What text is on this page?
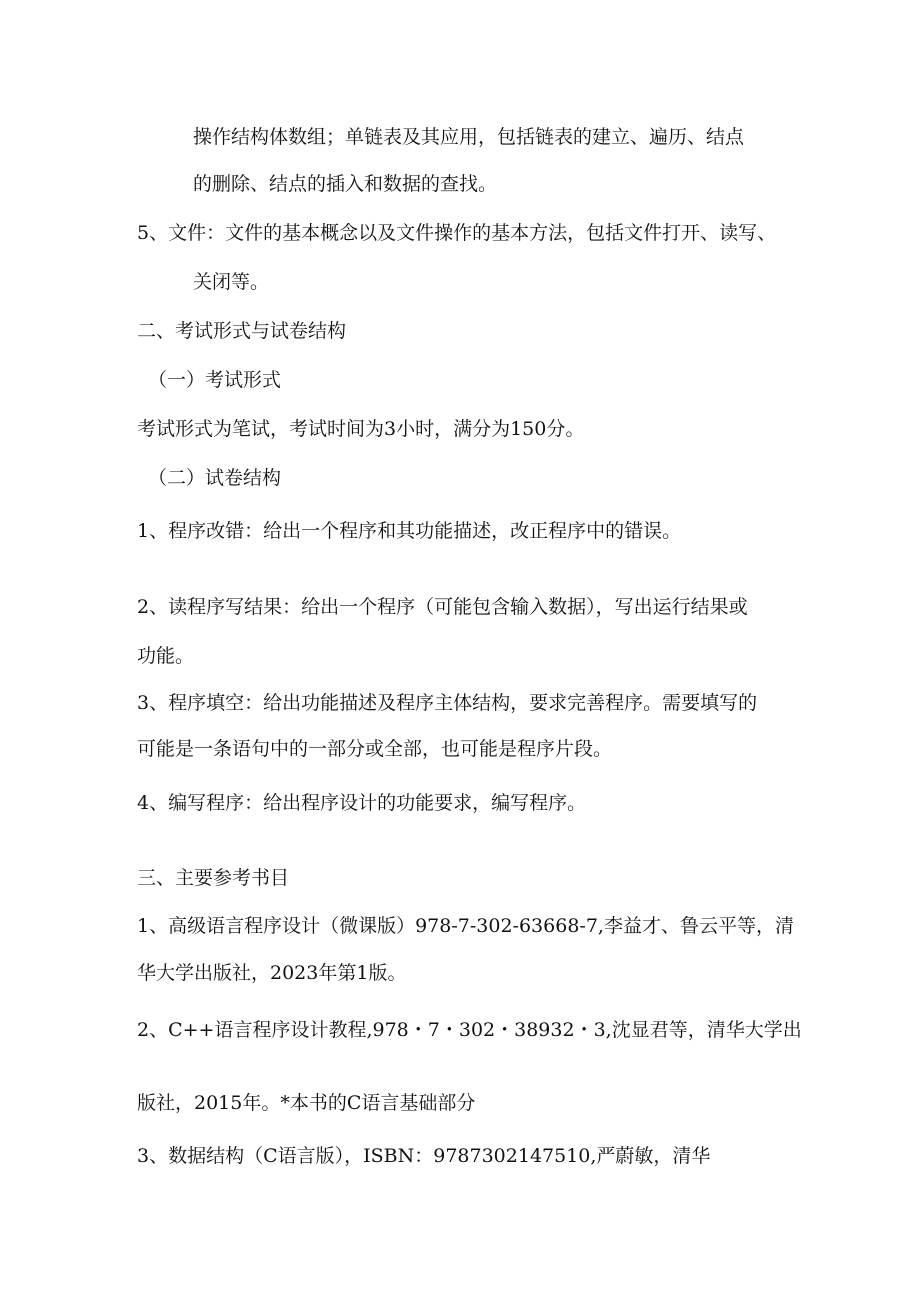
操作结构体数组；单链表及其应用，包括链表的建立、遍历、结点
的删除、结点的插入和数据的查找。
5、文件：文件的基本概念以及文件操作的基本方法，包括文件打开、读写、
关闭等。
二、考试形式与试卷结构
（一）考试形式
考试形式为笔试，考试时间为3小时，满分为150分。
（二）试卷结构
1、程序改错：给出一个程序和其功能描述，改正程序中的错误。
2、读程序写结果：给出一个程序（可能包含输入数据），写出运行结果或
功能。
3、程序填空：给出功能描述及程序主体结构，要求完善程序。需要填写的
可能是一条语句中的一部分或全部，也可能是程序片段。
4、编写程序：给出程序设计的功能要求，编写程序。
三、主要参考书目
1、高级语言程序设计（微课版）978-7-302-63668-7,李益才、鲁云平等，清
华大学出版社，2023年第1版。
2、C++语言程序设计教程,978・7・302・38932・3,沈显君等，清华大学出
版社，2015年。*本书的C语言基础部分
3、数据结构（C语言版），ISBN：9787302147510,严蔚敏，清华
